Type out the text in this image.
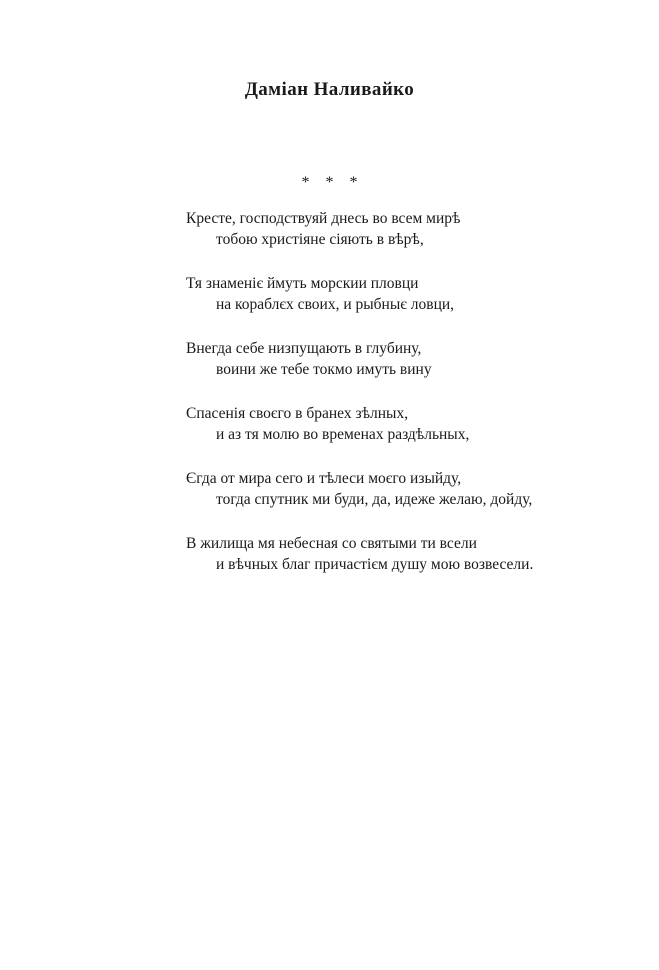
Даміан Наливайко
* * *
Кресте, господствуяй днесь во всем мирѣ
тобою христіяне сіяють в вѣрѣ,
Тя знаменіє ймуть морскии пловци
на кораблєх своих, и рыбныє ловци,
Внегда себе низпущають в глубину,
воини же тебе токмо имуть вину
Спасенія своєго в бранех зѣлных,
и аз тя молю во временах раздѣльных,
Єгда от мира сего и тѣлеси моєго изыйду,
тогда спутник ми буди, да, идеже желаю, дойду,
В жилища мя небесная со святыми ти всели
и вѣчных благ причастієм душу мою возвесели.
